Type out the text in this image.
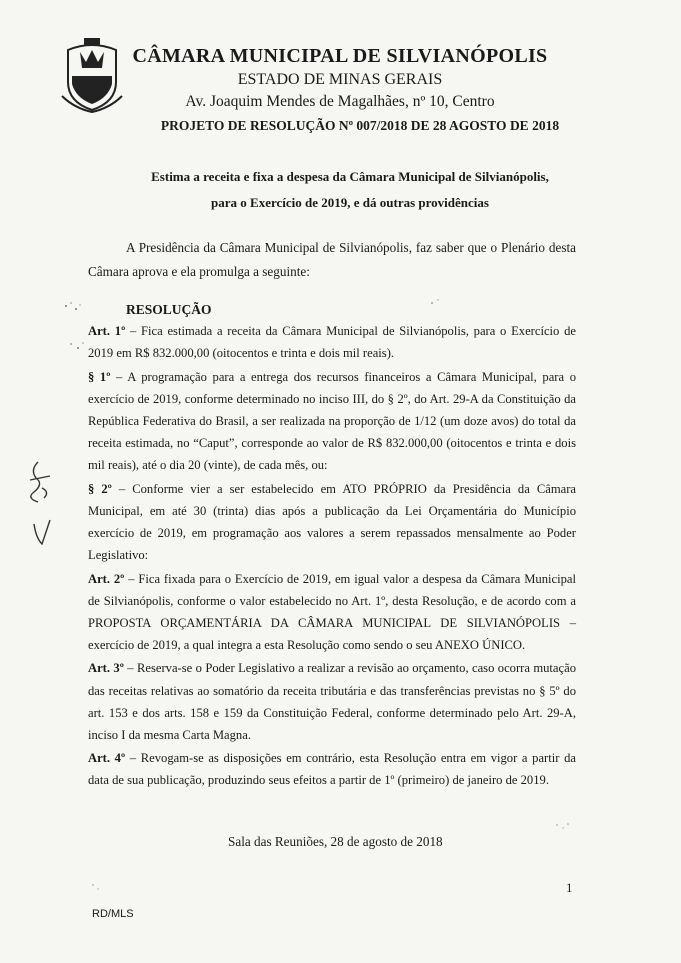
CÂMARA MUNICIPAL DE SILVIANÓPOLIS
ESTADO DE MINAS GERAIS
Av. Joaquim Mendes de Magalhães, nº 10, Centro
PROJETO DE RESOLUÇÃO Nº 007/2018 DE 28 AGOSTO DE 2018
Estima a receita e fixa a despesa da Câmara Municipal de Silvianópolis,
para o Exercício de 2019, e dá outras providências
A Presidência da Câmara Municipal de Silvianópolis, faz saber que o Plenário desta Câmara aprova e ela promulga a seguinte:
RESOLUÇÃO

Art. 1º – Fica estimada a receita da Câmara Municipal de Silvianópolis, para o Exercício de 2019 em R$ 832.000,00 (oitocentos e trinta e dois mil reais).

§ 1º – A programação para a entrega dos recursos financeiros a Câmara Municipal, para o exercício de 2019, conforme determinado no inciso III, do § 2º, do Art. 29-A da Constituição da República Federativa do Brasil, a ser realizada na proporção de 1/12 (um doze avos) do total da receita estimada, no “Caput”, corresponde ao valor de R$ 832.000,00 (oitocentos e trinta e dois mil reais), até o dia 20 (vinte), de cada mês, ou:

§ 2º – Conforme vier a ser estabelecido em ATO PRÓPRIO da Presidência da Câmara Municipal, em até 30 (trinta) dias após a publicação da Lei Orçamentária do Município exercício de 2019, em programação aos valores a serem repassados mensalmente ao Poder Legislativo:

Art. 2º – Fica fixada para o Exercício de 2019, em igual valor a despesa da Câmara Municipal de Silvianópolis, conforme o valor estabelecido no Art. 1º, desta Resolução, e de acordo com a PROPOSTA ORÇAMENTÁRIA DA CÂMARA MUNICIPAL DE SILVIANÓPOLIS – exercício de 2019, a qual integra a esta Resolução como sendo o seu ANEXO ÚNICO.

Art. 3º – Reserva-se o Poder Legislativo a realizar a revisão ao orçamento, caso ocorra mutação das receitas relativas ao somatório da receita tributária e das transferências previstas no § 5º do art. 153 e dos arts. 158 e 159 da Constituição Federal, conforme determinado pelo Art. 29-A, inciso I da mesma Carta Magna.

Art. 4º – Revogam-se as disposições em contrário, esta Resolução entra em vigor a partir da data de sua publicação, produzindo seus efeitos a partir de 1º (primeiro) de janeiro de 2019.

Sala das Reuniões, 28 de agosto de 2018
1
RD/MLS
